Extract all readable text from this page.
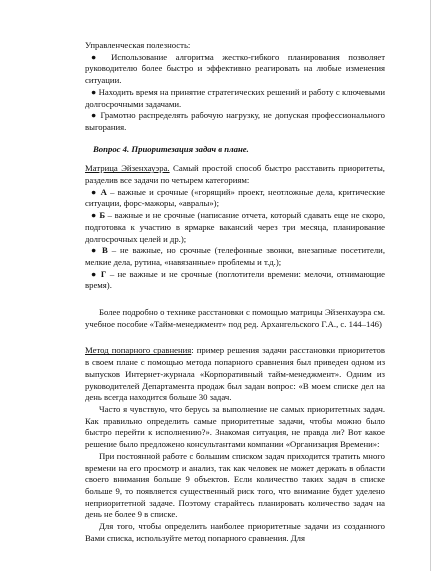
Управленческая полезность:

● Использование алгоритма жестко-гибкого планирования позволяет руководителю более быстро и эффективно реагировать на любые изменения ситуации.

● Находить время на принятие стратегических решений и работу с ключевыми долгосрочными задачами.

● Грамотно распределять рабочую нагрузку, не допуская профессионального выгорания.

Вопрос 4. Приоритезация задач в плане.

Матрица Эйзенхауэра. Самый простой способ быстро расставить приоритеты, разделив все задачи по четырем категориям:

● А – важные и срочные («горящий» проект, неотложные дела, критические ситуации, форс-мажоры, «авралы»);

● Б – важные и не срочные (написание отчета, который сдавать еще не скоро, подготовка к участию в ярмарке вакансий через три месяца, планирование долгосрочных целей и др.);

● В – не важные, но срочные (телефонные звонки, внезапные посетители, мелкие дела, рутина, «навязанные» проблемы и т.д.);

● Г – не важные и не срочные (поглотители времени: мелочи, отнимающие время).

Более подробно о технике расстановки с помощью матрицы Эйзенхауэра см. учебное пособие «Тайм-менеджмент» под ред. Архангельского Г.А., с. 144–146)

Метод попарного сравнения: пример решения задачи расстановки приоритетов в своем плане с помощью метода попарного сравнения был приведен одном из выпусков Интернет-журнала «Корпоративный тайм-менеджмент». Одним из руководителей Департамента продаж был задан вопрос: «В моем списке дел на день всегда находится больше 30 задач.

Часто я чувствую, что берусь за выполнение не самых приоритетных задач. Как правильно определить самые приоритетные задачи, чтобы можно было быстро перейти к исполнению?». Знакомая ситуация, не правда ли? Вот какое решение было предложено консультантами компании «Организация Времени»:

При постоянной работе с большим списком задач приходится тратить много времени на его просмотр и анализ, так как человек не может держать в области своего внимания больше 9 объектов. Если количество таких задач в списке больше 9, то появляется существенный риск того, что внимание будет уделено неприоритетной задаче. Поэтому старайтесь планировать количество задач на день не более 9 в списке.

Для того, чтобы определить наиболее приоритетные задачи из созданного Вами списка, используйте метод попарного сравнения. Для
